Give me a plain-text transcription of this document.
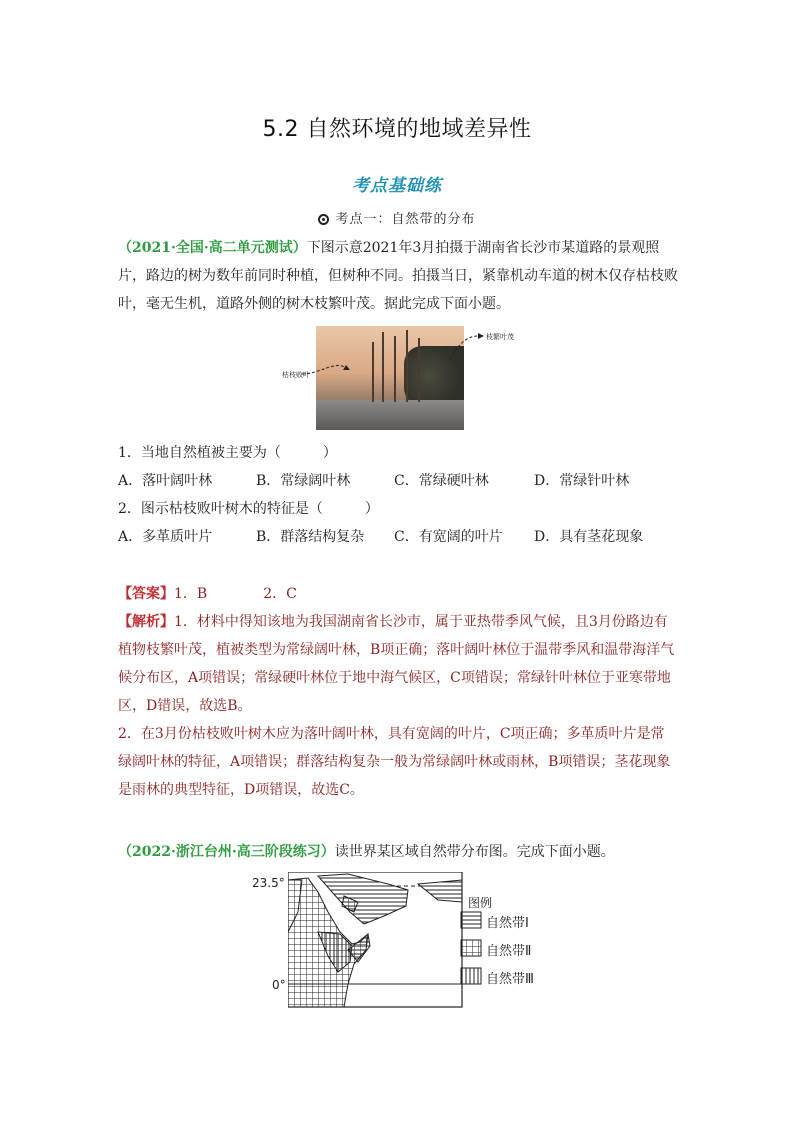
5.2 自然环境的地域差异性
考点基础练
考点一：自然带的分布
（2021·全国·高二单元测试）下图示意2021年3月拍摄于湖南省长沙市某道路的景观照片，路边的树为数年前同时种植，但树种不同。拍摄当日，紧靠机动车道的树木仅存枯枝败叶，毫无生机，道路外侧的树木枝繁叶茂。据此完成下面小题。
枯枝败叶
枝繁叶茂
1．当地自然植被主要为（　　　）
A．落叶阔叶林	B．常绿阔叶林	C．常绿硬叶林	D．常绿针叶林
2．图示枯枝败叶树木的特征是（　　　）
A．多革质叶片	B．群落结构复杂 C．有宽阔的叶片 D．具有茎花现象
【答案】1．B　　　　2．C
【解析】1．材料中得知该地为我国湖南省长沙市，属于亚热带季风气候，且3月份路边有植物枝繁叶茂，植被类型为常绿阔叶林，B项正确；落叶阔叶林位于温带季风和温带海洋气候分布区，A项错误；常绿硬叶林位于地中海气候区，C项错误；常绿针叶林位于亚寒带地区，D错误，故选B。
2．在3月份枯枝败叶树木应为落叶阔叶林，具有宽阔的叶片，C项正确；多革质叶片是常绿阔叶林的特征，A项错误；群落结构复杂一般为常绿阔叶林或雨林，B项错误；茎花现象是雨林的典型特征，D项错误，故选C。
（2022·浙江台州·高三阶段练习）读世界某区域自然带分布图。完成下面小题。
23.5°
0°
图例
自然带Ⅰ
自然带Ⅱ
自然带Ⅲ
